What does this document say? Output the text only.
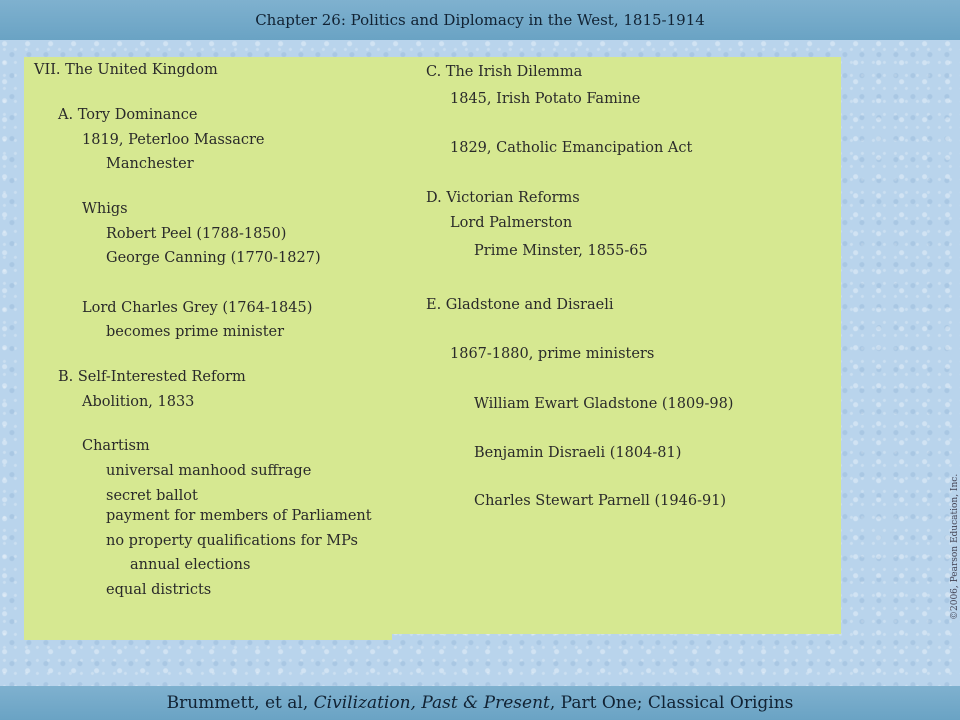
Chapter 26: Politics and Diplomacy in the West, 1815-1914
VII. The United Kingdom
A. Tory Dominance
1819, Peterloo Massacre
Manchester
Whigs
Robert Peel (1788-1850)
George Canning (1770-1827)
Lord Charles Grey (1764-1845)
becomes prime minister
B. Self-Interested Reform
Abolition, 1833
Chartism
universal manhood suffrage
secret ballot
payment for members of Parliament
no property qualifications for MPs
annual elections
equal districts
C. The Irish Dilemma
1845, Irish Potato Famine
1829, Catholic Emancipation Act
D. Victorian Reforms
Lord Palmerston
Prime Minster, 1855-65
E. Gladstone and Disraeli
1867-1880, prime ministers
William Ewart Gladstone (1809-98)
Benjamin Disraeli (1804-81)
Charles Stewart Parnell (1946-91)	©2006, Pearson Education, Inc.
Brummett, et al, Civilization, Past & Present , Part One; Classical Origins
